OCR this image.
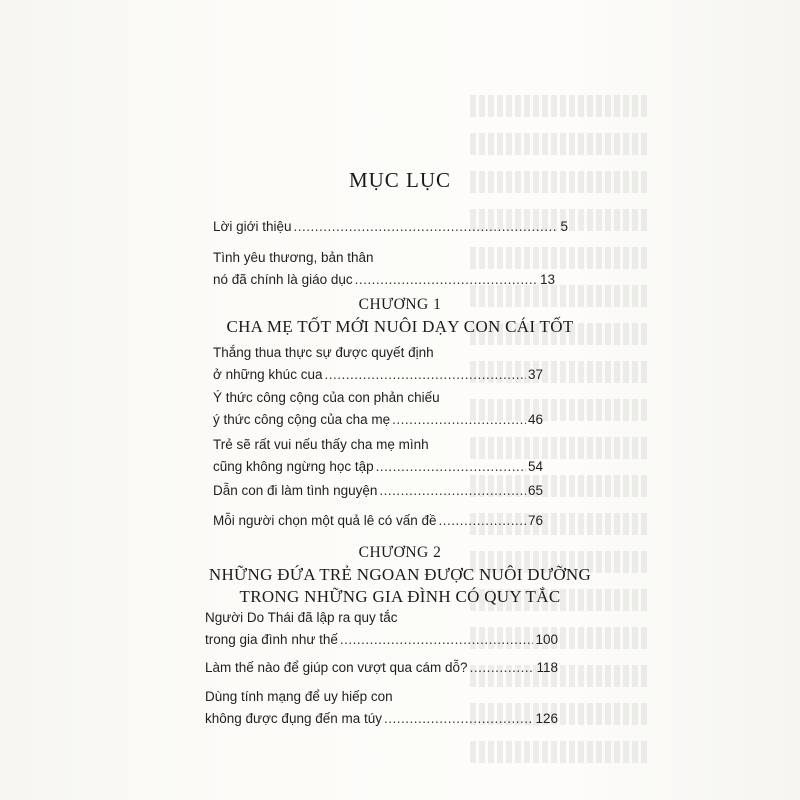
MỤC LỤC
Lời giới thiệu .....	5
Tình yêu thương, bản thân
nó đã chính là giáo dục .....	13
CHƯƠNG 1
CHA MẸ TỐT MỚI NUÔI DẠY CON CÁI TỐT
Thắng thua thực sự được quyết định
ở những khúc cua .....	37
Ý thức công cộng của con phản chiếu
ý thức công cộng của cha mẹ .....	46
Trẻ sẽ rất vui nếu thấy cha mẹ mình
cũng không ngừng học tập .....	54
Dẫn con đi làm tình nguyện .....	65
Mỗi người chọn một quả lê có vấn đề .....	76
CHƯƠNG 2
NHỮNG ĐỨA TRẺ NGOAN ĐƯỢC NUÔI DƯỠNG
TRONG NHỮNG GIA ĐÌNH CÓ QUY TẮC
Người Do Thái đã lập ra quy tắc
trong gia đình như thế .....	100
Làm thế nào để giúp con vượt qua cám dỗ? .....	118
Dùng tính mạng để uy hiếp con
không được đụng đến ma túy .....	126
